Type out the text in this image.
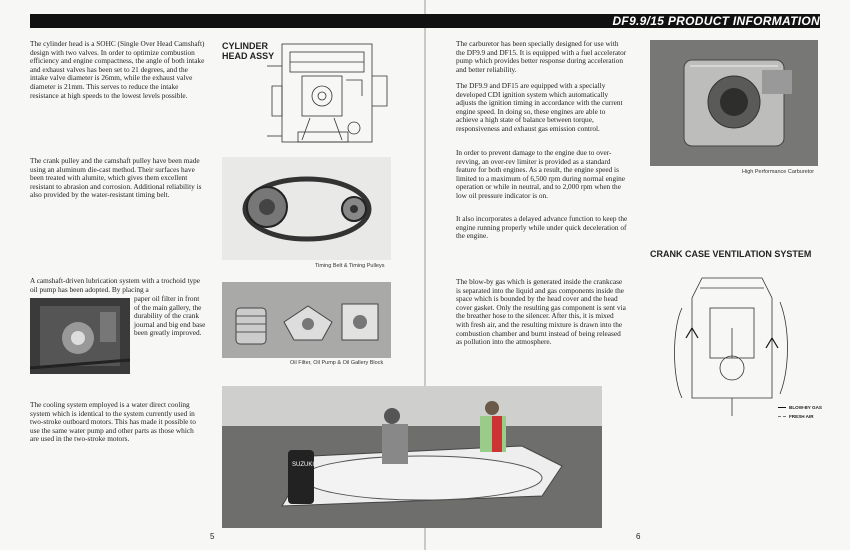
DF9.9/15 PRODUCT INFORMATION

The cylinder head is a SOHC (Single Over Head Camshaft) design with two valves. In order to optimize combustion efficiency and engine compactness, the angle of both intake and exhaust valves has been set to 21 degrees, and the intake valve diameter is 26mm, while the exhaust valve diameter is 21mm. This serves to reduce the intake resistance at high speeds to the lowest levels possible.

CYLINDER
HEAD ASSY

The crank pulley and the camshaft pulley have been made using an aluminum die-cast method. Their surfaces have been treated with alumite, which gives them excellent resistant to abrasion and corrosion. Additional reliability is also provided by the water-resistant timing belt.

Timing Belt & Timing Pulleys

A camshaft-driven lubrication system with a trochoid type oil pump has been adopted. By placing a

paper oil filter in front of the main gallery, the durability of the crank journal and big end base been greatly improved.

Oil Filter, Oil Pump & Oil Gallery Block

The cooling system employed is a water direct cooling system which is identical to the system currently used in two-stroke outboard motors. This has made it possible to use the same water pump and other parts as those which are used in the two-stroke motors.

SUZUKI
5

The carburetor has been specially designed for use with the DF9.9 and DF15. It is equipped with a fuel accelerator pump which provides better response during acceleration and better reliability.

The DF9.9 and DF15 are equipped with a specially developed CDI ignition system which automatically adjusts the ignition timing in accordance with the current engine speed. In doing so, these engines are able to achieve a high state of balance between torque, responsiveness and exhaust gas emission control.

In order to prevent damage to the engine due to over-revving, an over-rev limiter is provided as a standard feature for both engines. As a result, the engine speed is limited to a maximum of 6,500 rpm during normal engine operation or while in neutral, and to 2,000 rpm when the low oil pressure indicator is on.

It also incorporates a delayed advance function to keep the engine running properly while under quick deceleration of the engine.

High Performance Carburetor

CRANK CASE VENTILATION SYSTEM

The blow-by gas which is generated inside the crankcase is separated into the liquid and gas components inside the space which is bounded by the head cover and the head cover gasket. Only the resulting gas component is sent via the breather hose to the silencer. After this, it is mixed with fresh air, and the resulting mixture is drawn into the combustion chamber and burnt instead of being released as pollution into the atmosphere.

BLOW-BY GAS
FRESH AIR
6
